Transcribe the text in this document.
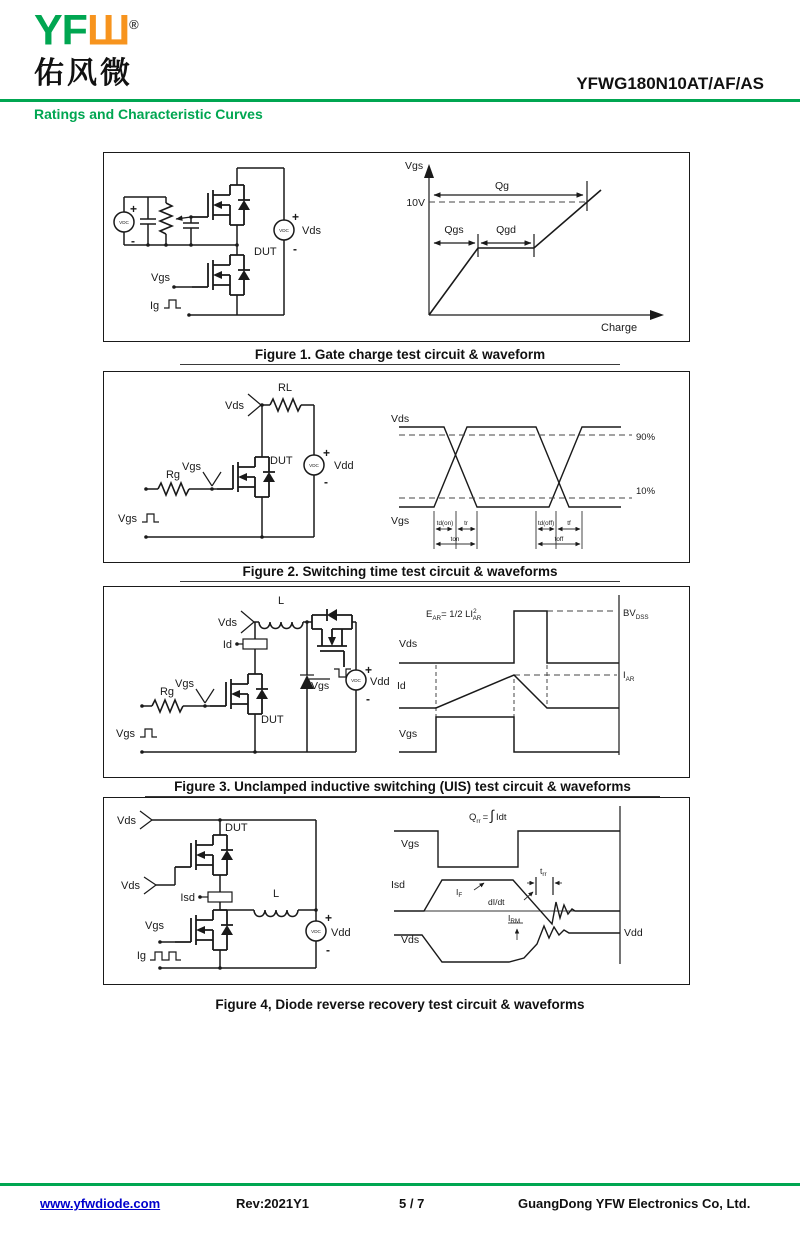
YFШ®
佑风微	YFWG180N10AT/AF/AS
Ratings and Characteristic Curves
VDC
VDC
+
-
+
Vds
-
DUT
Vgs
Ig
Vgs
10V
Qg
Qgs	Qgd
Charge
Figure 1. Gate charge test circuit & waveform
VDC
Vds
RL
DUT
+
Vdd
-
Rg
Vgs
Vgs
Vds
Vgs
90%
10%
td(on) tr
ton
td(off) tf
toff
Figure 2. Switching time test circuit & waveforms
VDC
Vds
L
Id
Vgs
DUT
Rg
Vgs
Vgs
+
Vdd
-
$E_{AR}= 1/2$ $LI^2$ AR	$BV_{DSS}$
$I_{AR}$
Vds
Id
Vgs
Figure 3. Unclamped inductive switching (UIS) test circuit & waveforms
VDC
Vds
DUT
Vds
Isd	L
Vgs
Ig
+
Vdd
-
$Q_{rr}$ = ∫ Idt
Vgs
Isd
$I_F$
dI/dt
$t_{rr}$
$I_{RM}$
Vds
Vdd
Figure 4, Diode reverse recovery test circuit & waveforms
www.yfwdiode.com	Rev:2021Y1	5 / 7	GuangDong YFW Electronics Co, Ltd.
